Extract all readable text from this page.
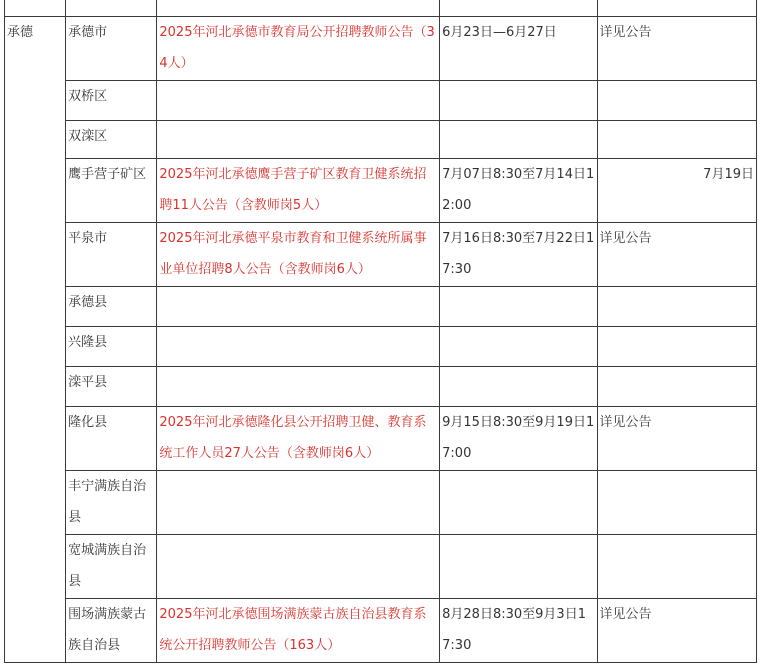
承德	承德市	2025年河北承德市教育局公开招聘教师公告（34人）	6月23日—6月27日	详见公告
	双桥区			
	双滦区			
	鹰手营子矿区	2025年河北承德鹰手营子矿区教育卫健系统招聘11人公告（含教师岗5人）	7月07日8:30至7月14日12:00	7月19日
	平泉市	2025年河北承德平泉市教育和卫健系统所属事业单位招聘8人公告（含教师岗6人）	7月16日8:30至7月22日17:30	详见公告
	承德县			
	兴隆县			
	滦平县			
	隆化县	2025年河北承德隆化县公开招聘卫健、教育系统工作人员27人公告（含教师岗6人）	9月15日8:30至9月19日17:00	详见公告
	丰宁满族自治县			
	宽城满族自治县			
	围场满族蒙古族自治县	2025年河北承德围场满族蒙古族自治县教育系统公开招聘教师公告（163人）	8月28日8:30至9月3日17:30	详见公告
